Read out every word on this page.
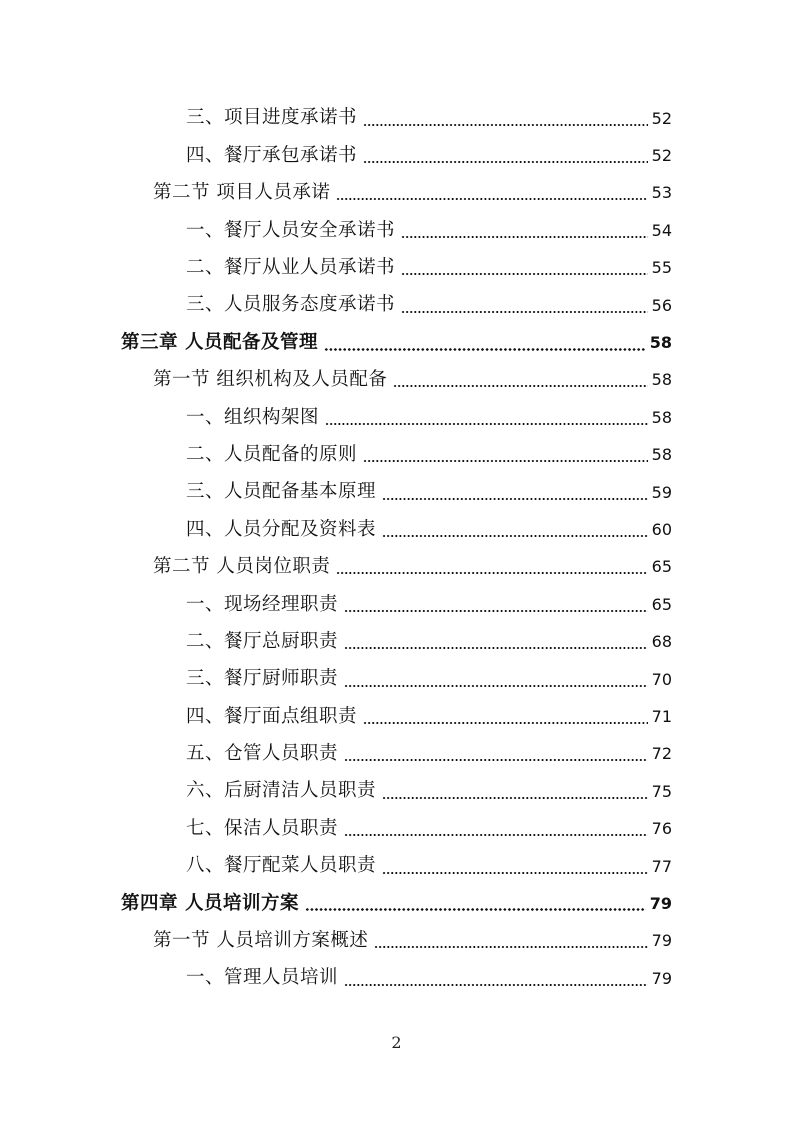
三、项目进度承诺书	52
四、餐厅承包承诺书	52
第二节 项目人员承诺	53
一、餐厅人员安全承诺书	54
二、餐厅从业人员承诺书	55
三、人员服务态度承诺书	56
第三章 人员配备及管理	58
第一节 组织机构及人员配备	58
一、组织构架图	58
二、人员配备的原则	58
三、人员配备基本原理	59
四、人员分配及资料表	60
第二节 人员岗位职责	65
一、现场经理职责	65
二、餐厅总厨职责	68
三、餐厅厨师职责	70
四、餐厅面点组职责	71
五、仓管人员职责	72
六、后厨清洁人员职责	75
七、保洁人员职责	76
八、餐厅配菜人员职责	77
第四章 人员培训方案	79
第一节 人员培训方案概述	79
一、管理人员培训	79
2
